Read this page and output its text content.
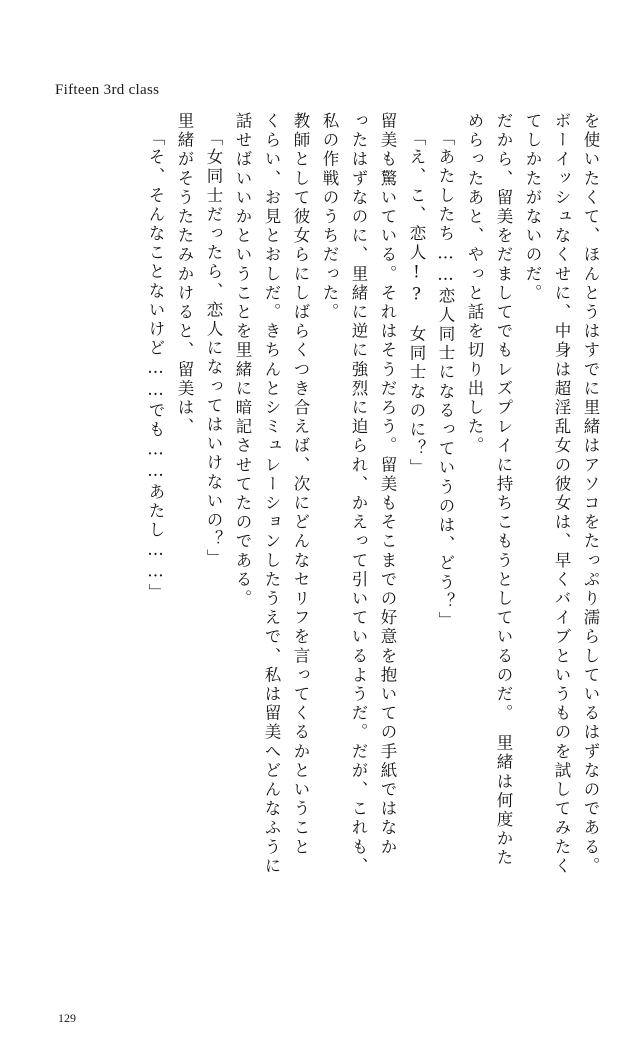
Fifteen 3rd class
を使いたくて、ほんとうはすでに里緒はアソコをたっぷり濡らしているはずなのである。
ボーイッシュなくせに、中身は超淫乱女の彼女は、早くバイブというものを試してみたく
てしかたがないのだ。
だから、留美をだましてでもレズプレイに持ちこもうとしているのだ。　里緒は何度かた
めらったあと、やっと話を切り出した。
「あたしたち……恋人同士になるっていうのは、どう？」
「え、こ、恋人!?　女同士なのに？」
留美も驚いている。それはそうだろう。留美もそこまでの好意を抱いての手紙ではなか
ったはずなのに、里緒に逆に強烈に迫られ、かえって引いているようだ。だが、これも、
私の作戦のうちだった。
教師として彼女らにしばらくつき合えば、次にどんなセリフを言ってくるかということ
くらい、お見とおしだ。きちんとシミュレーションしたうえで、私は留美へどんなふうに
話せばいいかということを里緒に暗記させてたのである。
「女同士だったら、恋人になってはいけないの？」
里緒がそうたたみかけると、留美は、
「そ、そんなことないけど……でも……あたし……」
129
